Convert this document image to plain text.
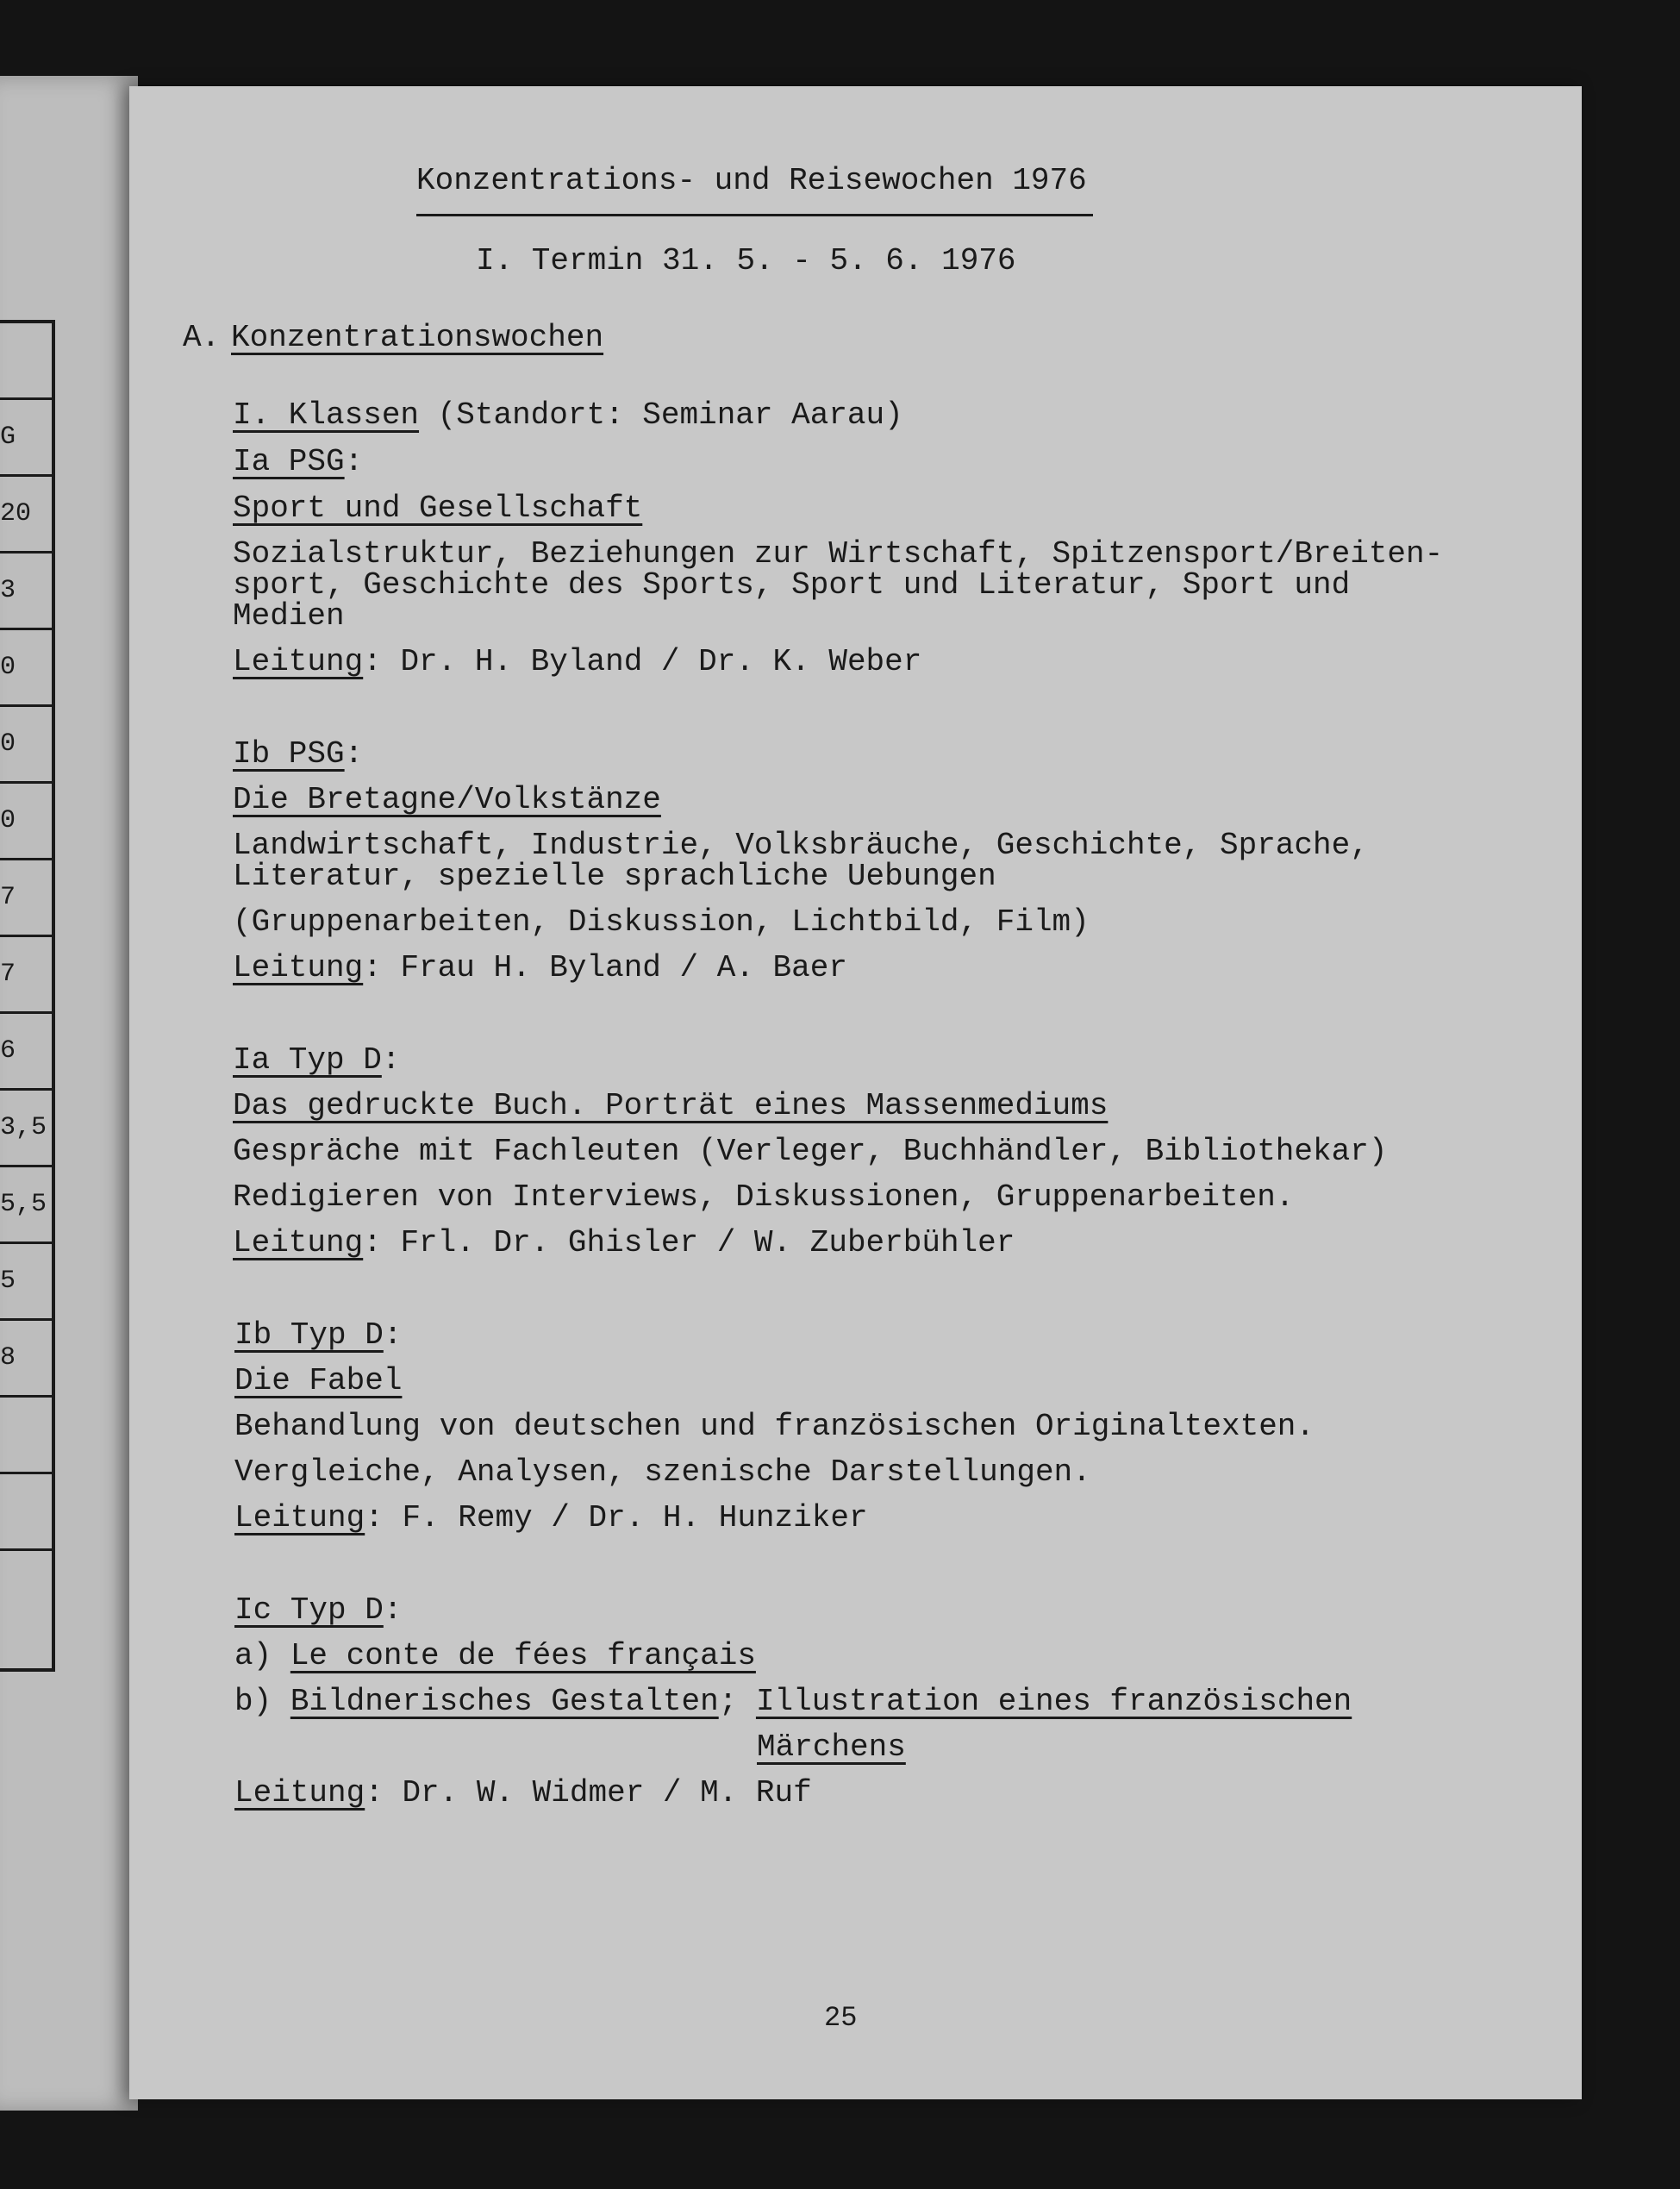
G
20
3
0
0
0
7
7
6
3,5
5,5
5
8
Konzentrations- und Reisewochen 1976
I. Termin 31. 5. - 5. 6. 1976
A. Konzentrationswochen
I. Klassen (Standort: Seminar Aarau)
Ia PSG:
Sport und Gesellschaft
Sozialstruktur, Beziehungen zur Wirtschaft, Spitzensport/Breiten-
sport, Geschichte des Sports, Sport und Literatur, Sport und
Medien
Leitung: Dr. H. Byland / Dr. K. Weber
Ib PSG:
Die Bretagne/Volkstänze
Landwirtschaft, Industrie, Volksbräuche, Geschichte, Sprache,
Literatur, spezielle sprachliche Uebungen
(Gruppenarbeiten, Diskussion, Lichtbild, Film)
Leitung: Frau H. Byland / A. Baer
Ia Typ D:
Das gedruckte Buch. Porträt eines Massenmediums
Gespräche mit Fachleuten (Verleger, Buchhändler, Bibliothekar)
Redigieren von Interviews, Diskussionen, Gruppenarbeiten.
Leitung: Frl. Dr. Ghisler / W. Zuberbühler
Ib Typ D:
Die Fabel
Behandlung von deutschen und französischen Originaltexten.
Vergleiche, Analysen, szenische Darstellungen.
Leitung: F. Remy / Dr. H. Hunziker
Ic Typ D:
a) Le conte de fées français
b) Bildnerisches Gestalten; Illustration eines französischen
Märchens
Leitung: Dr. W. Widmer / M. Ruf
25
